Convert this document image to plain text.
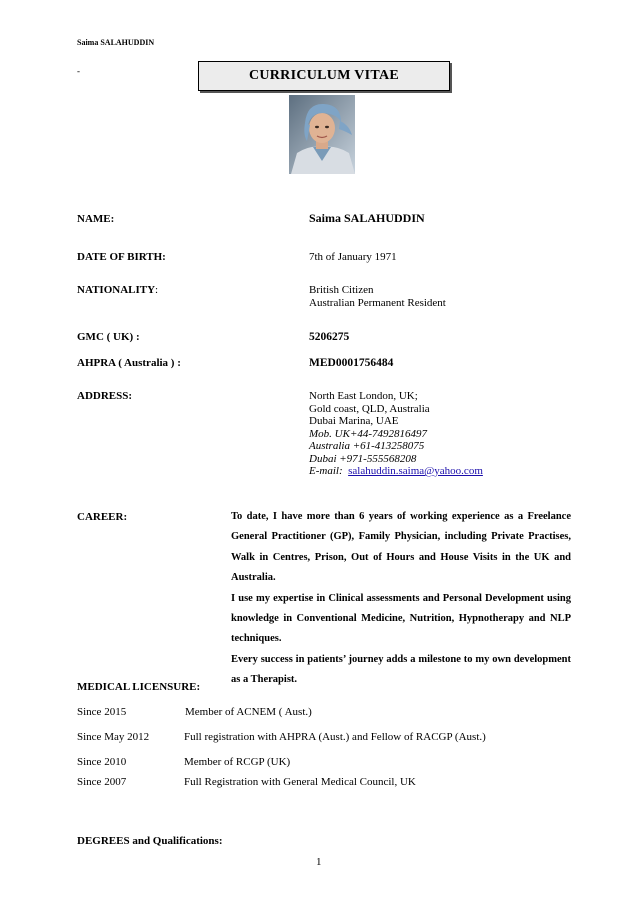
Saima SALAHUDDIN
-	CURRICULUM VITAE
NAME:	Saima SALAHUDDIN
DATE OF BIRTH:	7th of January 1971
NATIONALITY:	British Citizen
Australian Permanent Resident
GMC ( UK) :	5206275
AHPRA ( Australia ) :	MED0001756484
ADDRESS:	North East London, UK;
Gold coast, QLD, Australia
Dubai Marina, UAE
Mob. UK+44-7492816497
Australia +61-413258075
Dubai +971-555568208
E-mail: salahuddin.saima@yahoo.com
CAREER:	To date, I have more than 6 years of working experience as a Freelance General Practitioner (GP), Family Physician, including Private Practises, Walk in Centres, Prison, Out of Hours and House Visits in the UK and Australia.

I use my expertise in Clinical assessments and Personal Development using knowledge in Conventional Medicine, Nutrition, Hypnotherapy and NLP techniques.

Every success in patients’ journey adds a milestone to my own development as a Therapist.

MEDICAL LICENSURE:
Since 2015	Member of ACNEM ( Aust.)
Since May 2012	Full registration with AHPRA (Aust.) and Fellow of RACGP (Aust.)
Since 2010	Member of RCGP (UK)
Since 2007	Full Registration with General Medical Council, UK
DEGREES and Qualifications:
1
